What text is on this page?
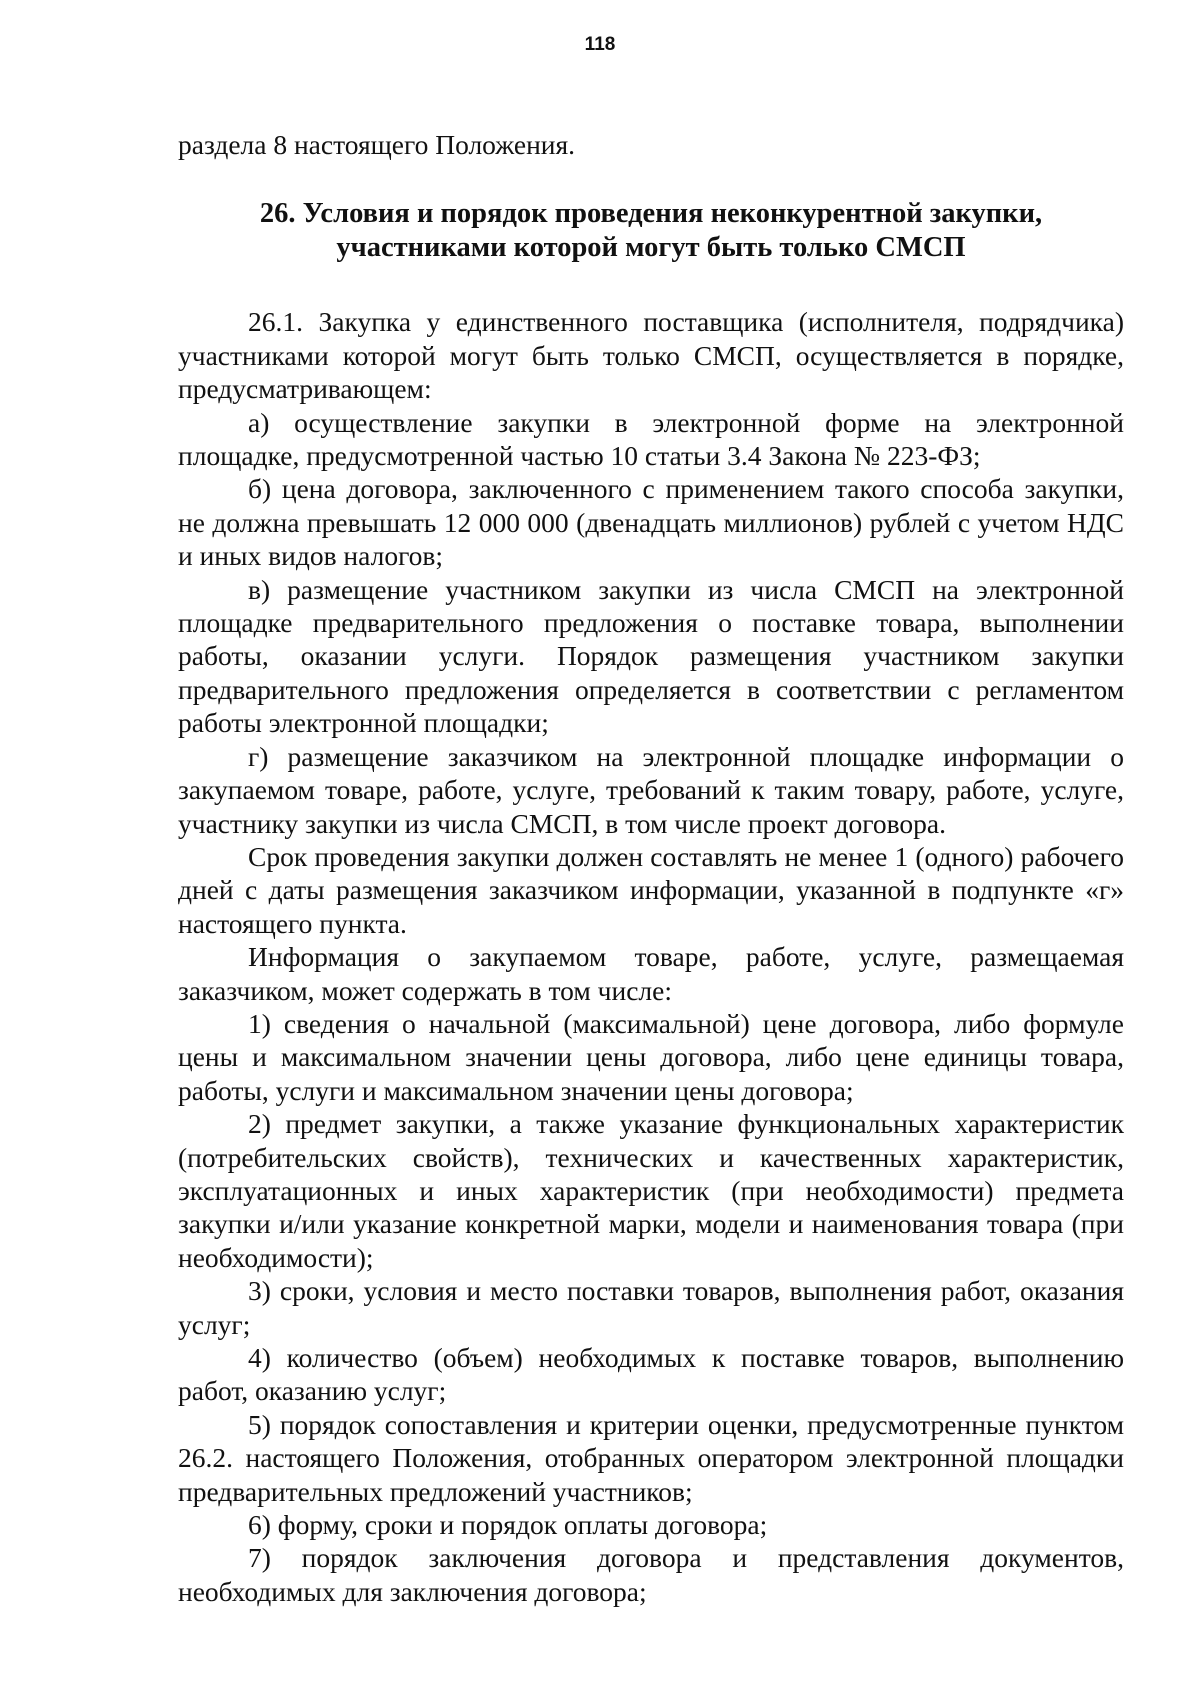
118

раздела 8 настоящего Положения.

26. Условия и порядок проведения неконкурентной закупки,
участниками которой могут быть только СМСП

26.1. Закупка у единственного поставщика (исполнителя, подрядчика) участниками которой могут быть только СМСП, осуществляется в порядке, предусматривающем:

а) осуществление закупки в электронной форме на электронной площадке, предусмотренной частью 10 статьи 3.4 Закона № 223-ФЗ;

б) цена договора, заключенного с применением такого способа закупки, не должна превышать 12 000 000 (двенадцать миллионов) рублей с учетом НДС и иных видов налогов;

в) размещение участником закупки из числа СМСП на электронной площадке предварительного предложения о поставке товара, выполнении работы, оказании услуги. Порядок размещения участником закупки предварительного предложения определяется в соответствии с регламентом работы электронной площадки;

г) размещение заказчиком на электронной площадке информации о закупаемом товаре, работе, услуге, требований к таким товару, работе, услуге, участнику закупки из числа СМСП, в том числе проект договора.

Срок проведения закупки должен составлять не менее 1 (одного) рабочего дней с даты размещения заказчиком информации, указанной в подпункте «г» настоящего пункта.

Информация о закупаемом товаре, работе, услуге, размещаемая заказчиком, может содержать в том числе:

1) сведения о начальной (максимальной) цене договора, либо формуле цены и максимальном значении цены договора, либо цене единицы товара, работы, услуги и максимальном значении цены договора;

2) предмет закупки, а также указание функциональных характеристик (потребительских свойств), технических и качественных характеристик, эксплуатационных и иных характеристик (при необходимости) предмета закупки и/или указание конкретной марки, модели и наименования товара (при необходимости);

3) сроки, условия и место поставки товаров, выполнения работ, оказания услуг;

4) количество (объем) необходимых к поставке товаров, выполнению работ, оказанию услуг;

5) порядок сопоставления и критерии оценки, предусмотренные пунктом 26.2. настоящего Положения, отобранных оператором электронной площадки предварительных предложений участников;

6) форму, сроки и порядок оплаты договора;

7) порядок заключения договора и представления документов, необходимых для заключения договора;
